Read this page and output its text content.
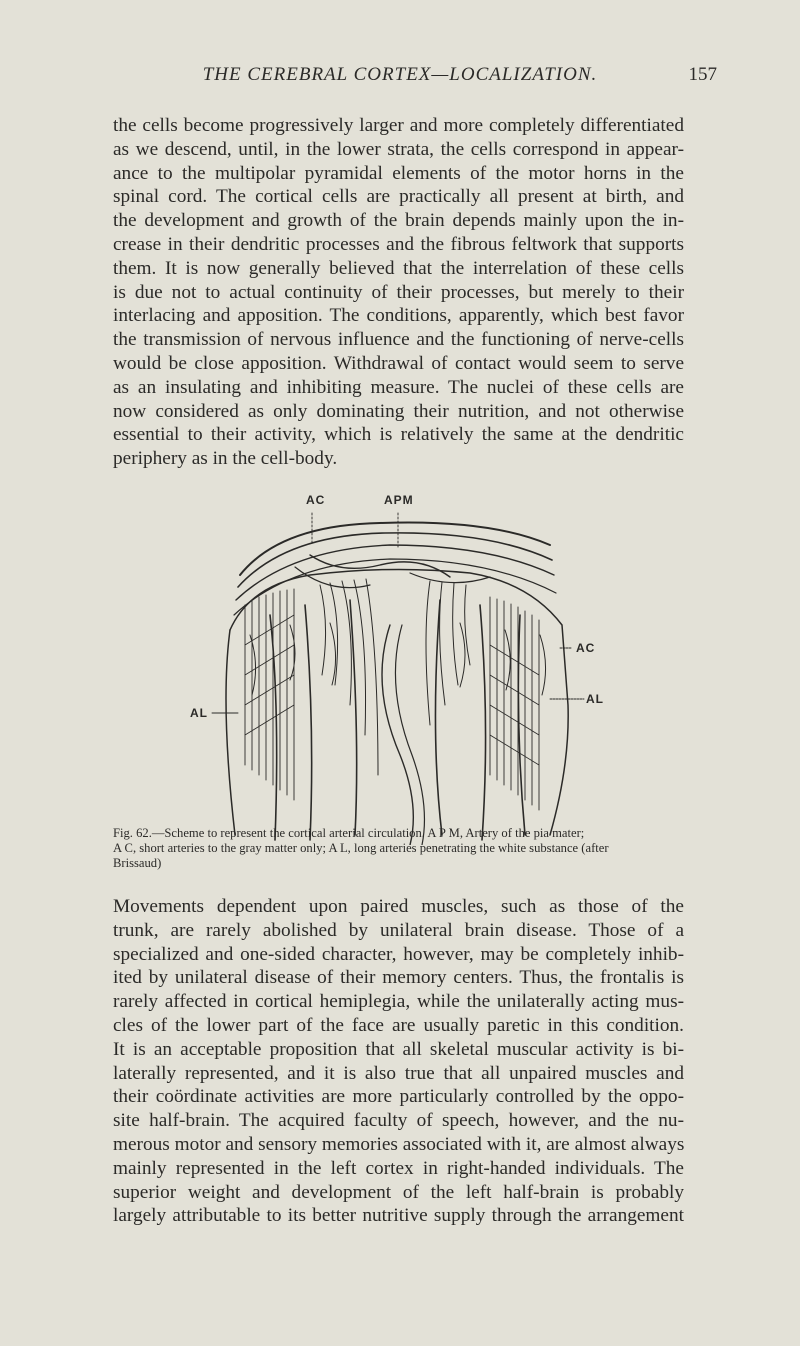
THE CEREBRAL CORTEX—LOCALIZATION.	157
the cells become progressively larger and more completely differentiated
as we descend, until, in the lower strata, the cells correspond in appear-
ance to the multipolar pyramidal elements of the motor horns in the
spinal cord. The cortical cells are practically all present at birth, and
the development and growth of the brain depends mainly upon the in-
crease in their dendritic processes and the fibrous feltwork that supports
them. It is now generally believed that the interrelation of these cells
is due not to actual continuity of their processes, but merely to their
interlacing and apposition. The conditions, apparently, which best favor
the transmission of nervous influence and the functioning of nerve-cells
would be close apposition. Withdrawal of contact would seem to serve
as an insulating and inhibiting measure. The nuclei of these cells are
now considered as only dominating their nutrition, and not otherwise
essential to their activity, which is relatively the same at the dendritic
periphery as in the cell-body.
AC	APM
AC
AL
AL
Fig. 62.—Scheme to represent the cortical arterial circulation. A P M, Artery of the pia mater;
A C, short arteries to the gray matter only; A L, long arteries penetrating the white substance (after
Brissaud)
Movements dependent upon paired muscles, such as those of the
trunk, are rarely abolished by unilateral brain disease. Those of a
specialized and one-sided character, however, may be completely inhib-
ited by unilateral disease of their memory centers. Thus, the frontalis is
rarely affected in cortical hemiplegia, while the unilaterally acting mus-
cles of the lower part of the face are usually paretic in this condition.
It is an acceptable proposition that all skeletal muscular activity is bi-
laterally represented, and it is also true that all unpaired muscles and
their coördinate activities are more particularly controlled by the oppo-
site half-brain. The acquired faculty of speech, however, and the nu-
merous motor and sensory memories associated with it, are almost always
mainly represented in the left cortex in right-handed individuals. The
superior weight and development of the left half-brain is probably
largely attributable to its better nutritive supply through the arrangement
